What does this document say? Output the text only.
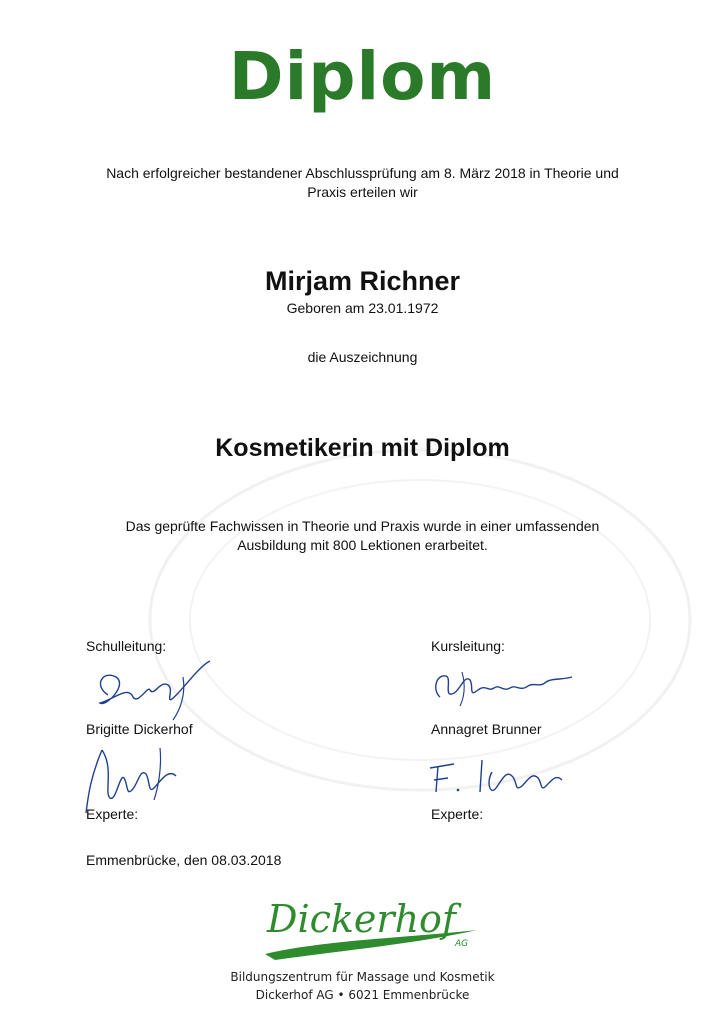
Diplom
Nach erfolgreicher bestandener Abschlussprüfung am 8. März 2018 in Theorie und
Praxis erteilen wir
Mirjam Richner
Geboren am 23.01.1972
die Auszeichnung
Kosmetikerin mit Diplom
Das geprüfte Fachwissen in Theorie und Praxis wurde in einer umfassenden
Ausbildung mit 800 Lektionen erarbeitet.
Schulleitung:	Kursleitung:
Brigitte Dickerhof	Annagret Brunner
Experte:	Experte:
Emmenbrücke, den 08.03.2018
Dickerhof
AG
Bildungszentrum für Massage und Kosmetik
Dickerhof AG • 6021 Emmenbrücke
